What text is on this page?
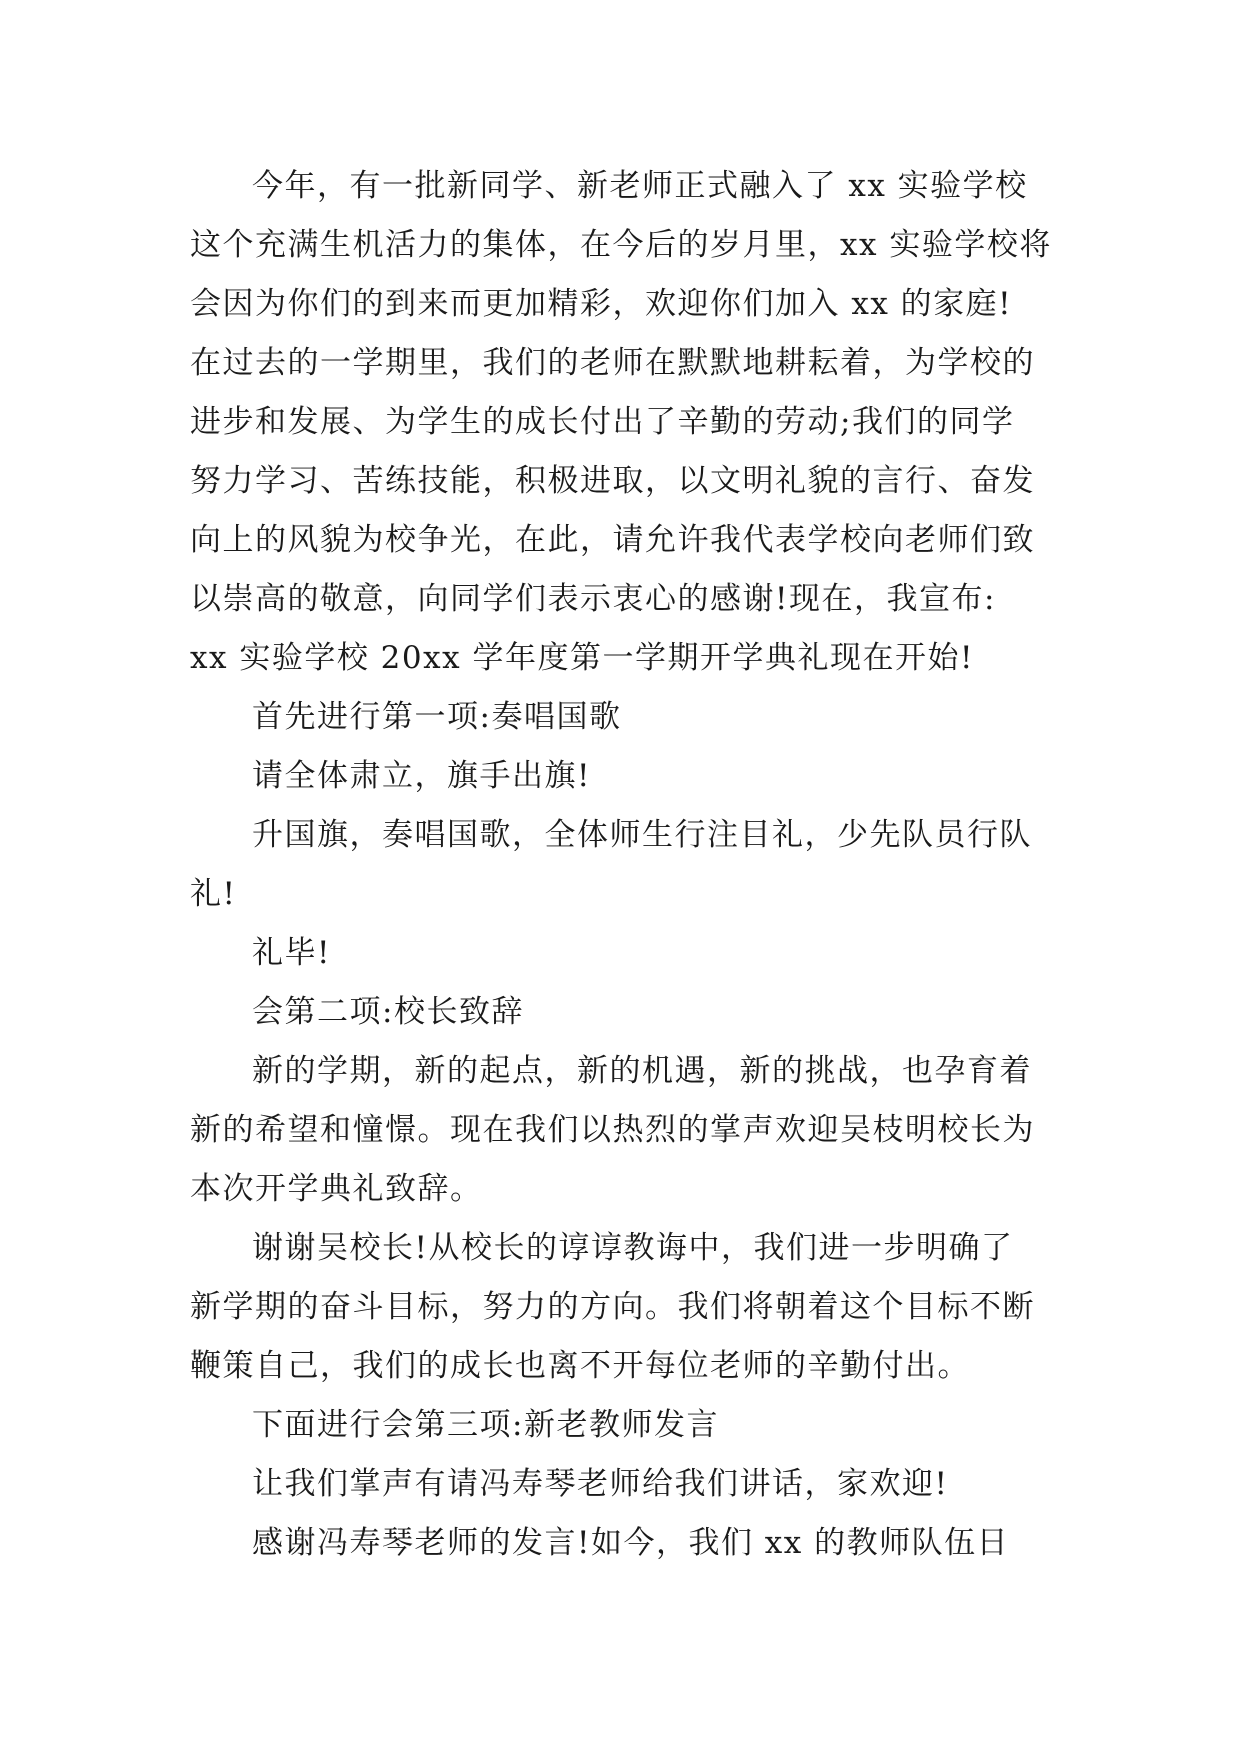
今年，有一批新同学、新老师正式融入了 xx 实验学校
这个充满生机活力的集体，在今后的岁月里，xx 实验学校将
会因为你们的到来而更加精彩，欢迎你们加入 xx 的家庭!
在过去的一学期里，我们的老师在默默地耕耘着，为学校的
进步和发展、为学生的成长付出了辛勤的劳动;我们的同学
努力学习、苦练技能，积极进取，以文明礼貌的言行、奋发
向上的风貌为校争光，在此，请允许我代表学校向老师们致
以崇高的敬意，向同学们表示衷心的感谢!现在，我宣布:
xx 实验学校 20xx 学年度第一学期开学典礼现在开始!
首先进行第一项:奏唱国歌
请全体肃立，旗手出旗!
升国旗，奏唱国歌，全体师生行注目礼，少先队员行队
礼!
礼毕!
会第二项:校长致辞
新的学期，新的起点，新的机遇，新的挑战，也孕育着
新的希望和憧憬。现在我们以热烈的掌声欢迎吴枝明校长为
本次开学典礼致辞。
谢谢吴校长!从校长的谆谆教诲中，我们进一步明确了
新学期的奋斗目标，努力的方向。我们将朝着这个目标不断
鞭策自己，我们的成长也离不开每位老师的辛勤付出。
下面进行会第三项:新老教师发言
让我们掌声有请冯寿琴老师给我们讲话，家欢迎!
感谢冯寿琴老师的发言!如今，我们 xx 的教师队伍日
